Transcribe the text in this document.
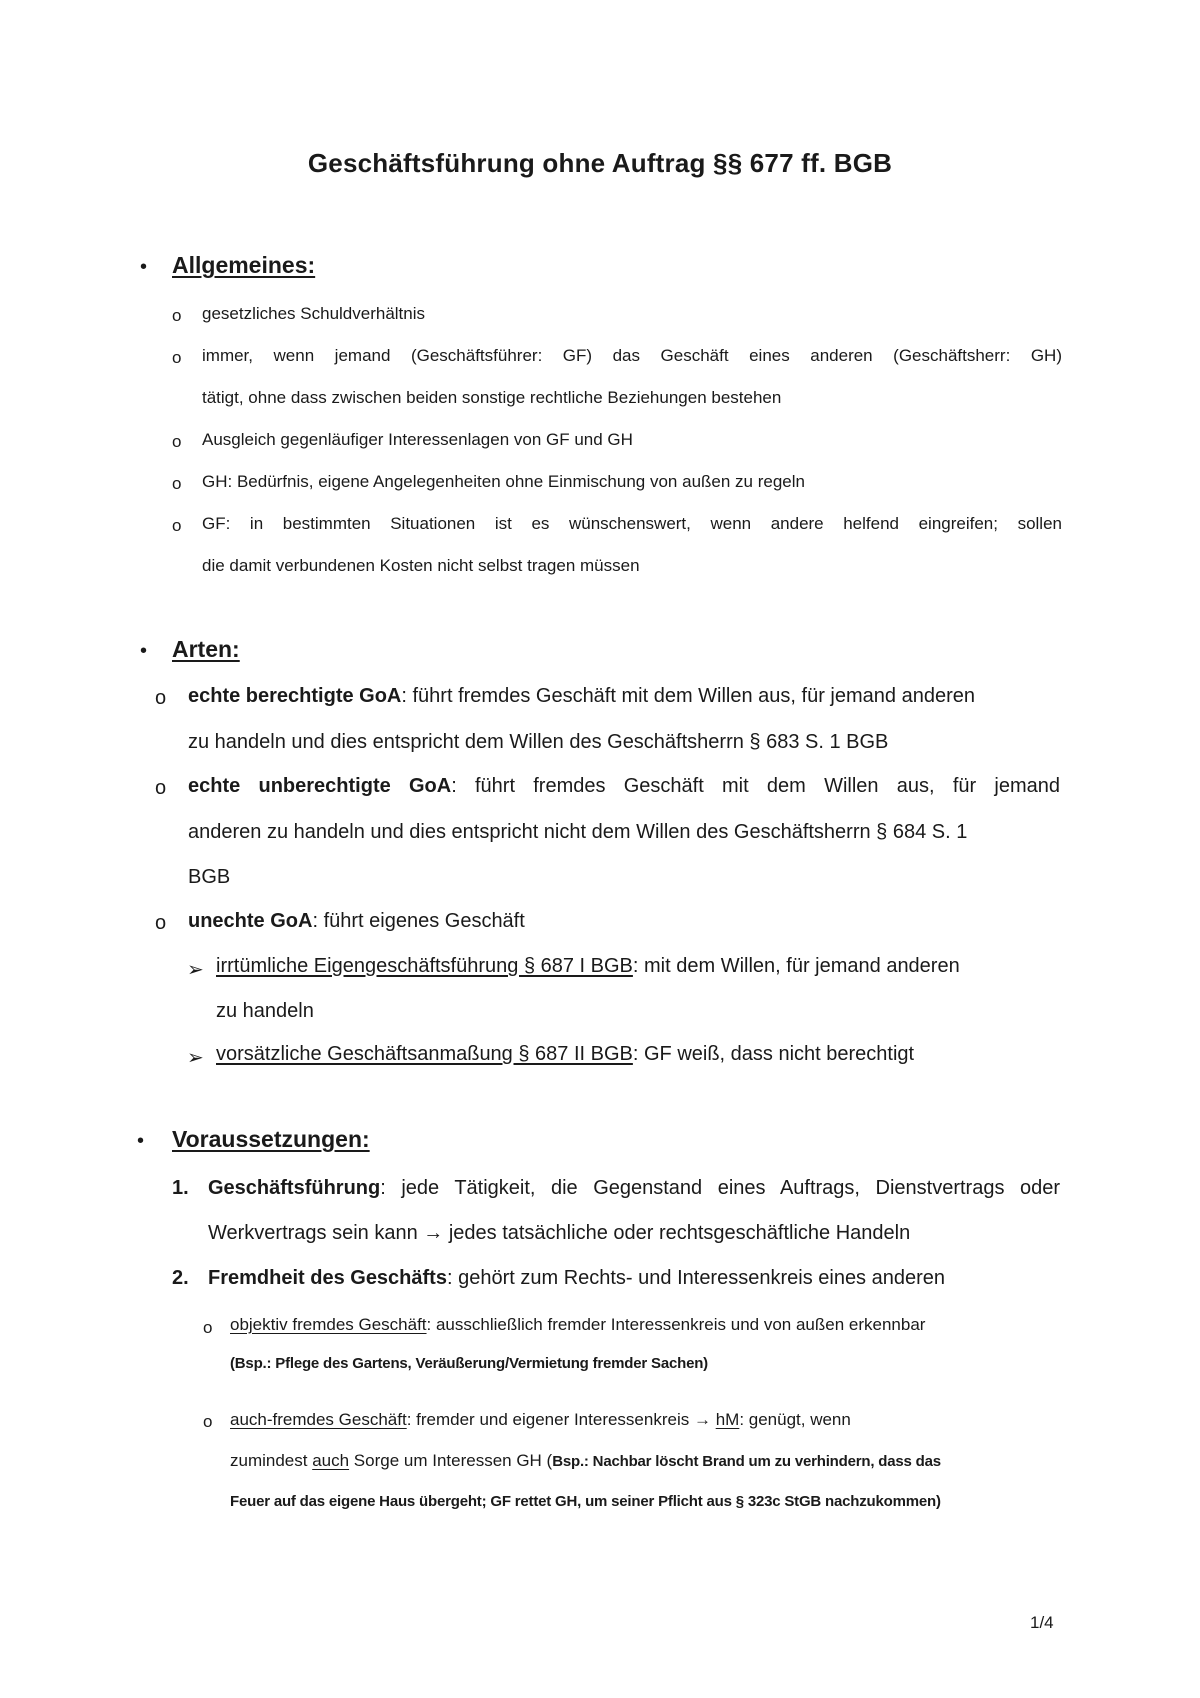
Geschäftsführung ohne Auftrag §§ 677 ff. BGB
• Allgemeines:
o gesetzliches Schuldverhältnis
o immer, wenn jemand (Geschäftsführer: GF) das Geschäft eines anderen (Geschäftsherr: GH)
tätigt, ohne dass zwischen beiden sonstige rechtliche Beziehungen bestehen
o Ausgleich gegenläufiger Interessenlagen von GF und GH
o GH: Bedürfnis, eigene Angelegenheiten ohne Einmischung von außen zu regeln
o GF: in bestimmten Situationen ist es wünschenswert, wenn andere helfend eingreifen; sollen
die damit verbundenen Kosten nicht selbst tragen müssen
• Arten:
o echte berechtigte GoA: führt fremdes Geschäft mit dem Willen aus, für jemand anderen
zu handeln und dies entspricht dem Willen des Geschäftsherrn § 683 S. 1 BGB
o echte unberechtigte GoA: führt fremdes Geschäft mit dem Willen aus, für jemand
anderen zu handeln und dies entspricht nicht dem Willen des Geschäftsherrn § 684 S. 1
BGB
o unechte GoA: führt eigenes Geschäft
➢ irrtümliche Eigengeschäftsführung § 687 I BGB: mit dem Willen, für jemand anderen
zu handeln
➢ vorsätzliche Geschäftsanmaßung § 687 II BGB: GF weiß, dass nicht berechtigt
• Voraussetzungen:
1. Geschäftsführung: jede Tätigkeit, die Gegenstand eines Auftrags, Dienstvertrags oder
Werkvertrags sein kann → jedes tatsächliche oder rechtsgeschäftliche Handeln
2. Fremdheit des Geschäfts: gehört zum Rechts- und Interessenkreis eines anderen
o objektiv fremdes Geschäft: ausschließlich fremder Interessenkreis und von außen erkennbar
(Bsp.: Pflege des Gartens, Veräußerung/Vermietung fremder Sachen)
o auch-fremdes Geschäft: fremder und eigener Interessenkreis → hM: genügt, wenn
zumindest auch Sorge um Interessen GH (Bsp.: Nachbar löscht Brand um zu verhindern, dass das
Feuer auf das eigene Haus übergeht; GF rettet GH, um seiner Pflicht aus § 323c StGB nachzukommen)
1/4
